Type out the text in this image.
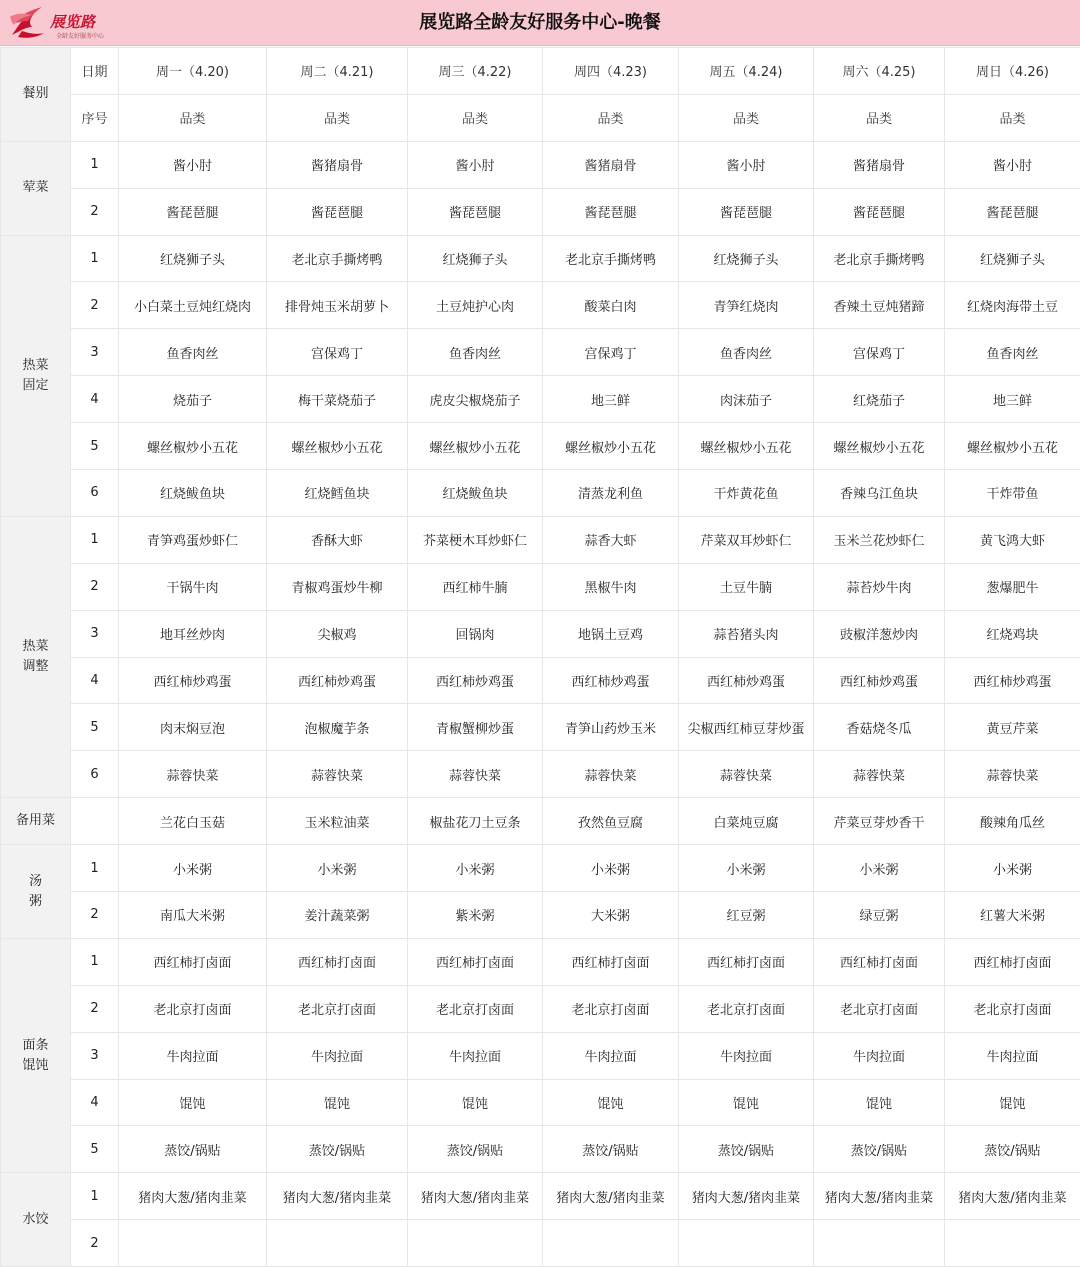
展览路
全龄友好服务中心
展览路全龄友好服务中心-晚餐
餐别	日期	周一（4.20)	周二（4.21)	周三（4.22)	周四（4.23)	周五（4.24)	周六（4.25)	周日（4.26)
	序号	品类	品类	品类	品类	品类	品类	品类
荤菜	1	酱小肘	酱猪扇骨	酱小肘	酱猪扇骨	酱小肘	酱猪扇骨	酱小肘
	2	酱琵琶腿	酱琵琶腿	酱琵琶腿	酱琵琶腿	酱琵琶腿	酱琵琶腿	酱琵琶腿
热菜
固定	1	红烧狮子头	老北京手撕烤鸭	红烧狮子头	老北京手撕烤鸭	红烧狮子头	老北京手撕烤鸭	红烧狮子头
	2	小白菜土豆炖红烧肉	排骨炖玉米胡萝卜	土豆炖护心肉	酸菜白肉	青笋红烧肉	香辣土豆炖猪蹄	红烧肉海带土豆
	3	鱼香肉丝	宫保鸡丁	鱼香肉丝	宫保鸡丁	鱼香肉丝	宫保鸡丁	鱼香肉丝
	4	烧茄子	梅干菜烧茄子	虎皮尖椒烧茄子	地三鲜	肉沫茄子	红烧茄子	地三鲜
	5	螺丝椒炒小五花	螺丝椒炒小五花	螺丝椒炒小五花	螺丝椒炒小五花	螺丝椒炒小五花	螺丝椒炒小五花	螺丝椒炒小五花
	6	红烧鲅鱼块	红烧鳕鱼块	红烧鲅鱼块	清蒸龙利鱼	干炸黄花鱼	香辣乌江鱼块	干炸带鱼
热菜
调整	1	青笋鸡蛋炒虾仁	香酥大虾	芥菜梗木耳炒虾仁	蒜香大虾	芹菜双耳炒虾仁	玉米兰花炒虾仁	黄飞鸿大虾
	2	干锅牛肉	青椒鸡蛋炒牛柳	西红柿牛腩	黑椒牛肉	土豆牛腩	蒜苔炒牛肉	葱爆肥牛
	3	地耳丝炒肉	尖椒鸡	回锅肉	地锅土豆鸡	蒜苔猪头肉	豉椒洋葱炒肉	红烧鸡块
	4	西红柿炒鸡蛋	西红柿炒鸡蛋	西红柿炒鸡蛋	西红柿炒鸡蛋	西红柿炒鸡蛋	西红柿炒鸡蛋	西红柿炒鸡蛋
	5	肉末焖豆泡	泡椒魔芋条	青椒蟹柳炒蛋	青笋山药炒玉米	尖椒西红柿豆芽炒蛋	香菇烧冬瓜	黄豆芹菜
	6	蒜蓉快菜	蒜蓉快菜	蒜蓉快菜	蒜蓉快菜	蒜蓉快菜	蒜蓉快菜	蒜蓉快菜
备用菜		兰花白玉菇	玉米粒油菜	椒盐花刀土豆条	孜然鱼豆腐	白菜炖豆腐	芹菜豆芽炒香干	酸辣角瓜丝
汤
粥	1	小米粥	小米粥	小米粥	小米粥	小米粥	小米粥	小米粥
	2	南瓜大米粥	姜汁蔬菜粥	紫米粥	大米粥	红豆粥	绿豆粥	红薯大米粥
面条
馄饨	1	西红柿打卤面	西红柿打卤面	西红柿打卤面	西红柿打卤面	西红柿打卤面	西红柿打卤面	西红柿打卤面
	2	老北京打卤面	老北京打卤面	老北京打卤面	老北京打卤面	老北京打卤面	老北京打卤面	老北京打卤面
	3	牛肉拉面	牛肉拉面	牛肉拉面	牛肉拉面	牛肉拉面	牛肉拉面	牛肉拉面
	4	馄饨	馄饨	馄饨	馄饨	馄饨	馄饨	馄饨
	5	蒸饺/锅贴	蒸饺/锅贴	蒸饺/锅贴	蒸饺/锅贴	蒸饺/锅贴	蒸饺/锅贴	蒸饺/锅贴
水饺	1	猪肉大葱/猪肉韭菜	猪肉大葱/猪肉韭菜	猪肉大葱/猪肉韭菜	猪肉大葱/猪肉韭菜	猪肉大葱/猪肉韭菜	猪肉大葱/猪肉韭菜	猪肉大葱/猪肉韭菜
	2							
